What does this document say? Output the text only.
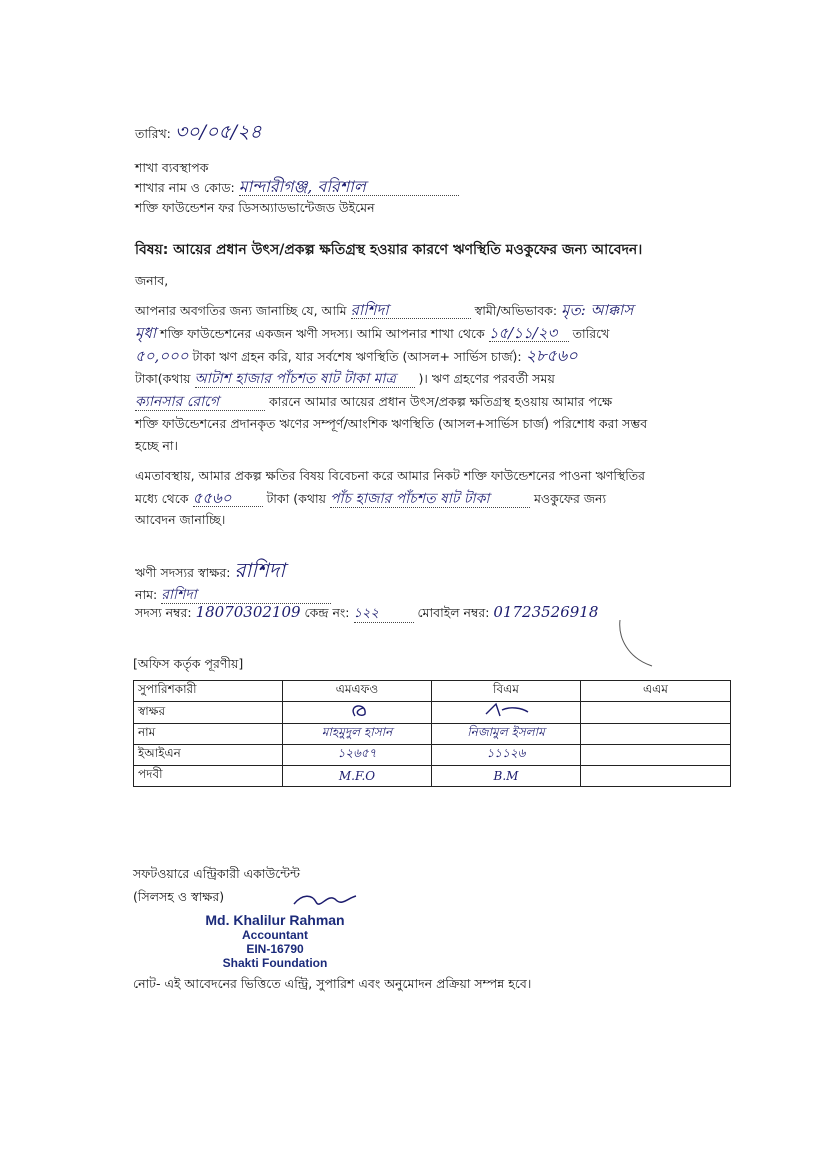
তারিখ: ৩০/০৫/২৪
শাখা ব্যবস্থাপক
শাখার নাম ও কোড: মান্দারীগঞ্জ, বরিশাল
শক্তি ফাউন্ডেশন ফর ডিসঅ্যাডভান্টেজড উইমেন
বিষয়: আয়ের প্রধান উৎস/প্রকল্প ক্ষতিগ্রস্থ হওয়ার কারণে ঋণস্থিতি মওকুফের জন্য আবেদন।
জনাব,
আপনার অবগতির জন্য জানাচ্ছি যে, আমি রাশিদা	স্বামী/অভিভাবক: মৃত: আক্কাস
মৃধা শক্তি ফাউন্ডেশনের একজন ঋণী সদস্য। আমি আপনার শাখা থেকে ১৫/১১/২৩ তারিখে
৫০,০০০ টাকা ঋণ গ্রহন করি, যার সর্বশেষ ঋণস্থিতি (আসল+ সার্ভিস চার্জ): ২৮৫৬০
টাকা(কথায় আটাশ হাজার পাঁচশত ষাট টাকা মাত্র )। ঋণ গ্রহণের পরবর্তী সময়
ক্যানসার রোগে	কারনে আমার আয়ের প্রধান উৎস/প্রকল্প ক্ষতিগ্রস্থ হওয়ায় আমার পক্ষে
শক্তি ফাউন্ডেশনের প্রদানকৃত ঋণের সম্পূর্ণ/আংশিক ঋণস্থিতি (আসল+সার্ভিস চার্জ) পরিশোধ করা সম্ভব
হচ্ছে না।
এমতাবস্থায়, আমার প্রকল্প ক্ষতির বিষয় বিবেচনা করে আমার নিকট শক্তি ফাউন্ডেশনের পাওনা ঋণস্থিতির
মধ্যে থেকে ৫৫৬০	টাকা (কথায় পাঁচ হাজার পাঁচশত ষাট টাকা	মওকুফের জন্য
আবেদন জানাচ্ছি।
ঋণী সদস্যর স্বাক্ষর: রাশিদা
নাম: রাশিদা
সদস্য নম্বর: 18070302109 কেন্দ্র নং: ১২২	মোবাইল নম্বর: 01723526918
[অফিস কর্তৃক পূরণীয়]
সুপারিশকারী	এমএফও	বিএম	এএম
স্বাক্ষর			
নাম	মাহমুদুল হাসান	নিজামুল ইসলাম	
ইআইএন	১২৬৫৭	১১১২৬	
পদবী	M.F.O	B.M	
সফটওয়ারে এন্ট্রিকারী একাউন্টেন্ট
(সিলসহ ও স্বাক্ষর)
Md. Khalilur Rahman
Accountant
EIN-16790
Shakti Foundation
নোট- এই আবেদনের ভিত্তিতে এন্ট্রি, সুপারিশ এবং অনুমোদন প্রক্রিয়া সম্পন্ন হবে।
